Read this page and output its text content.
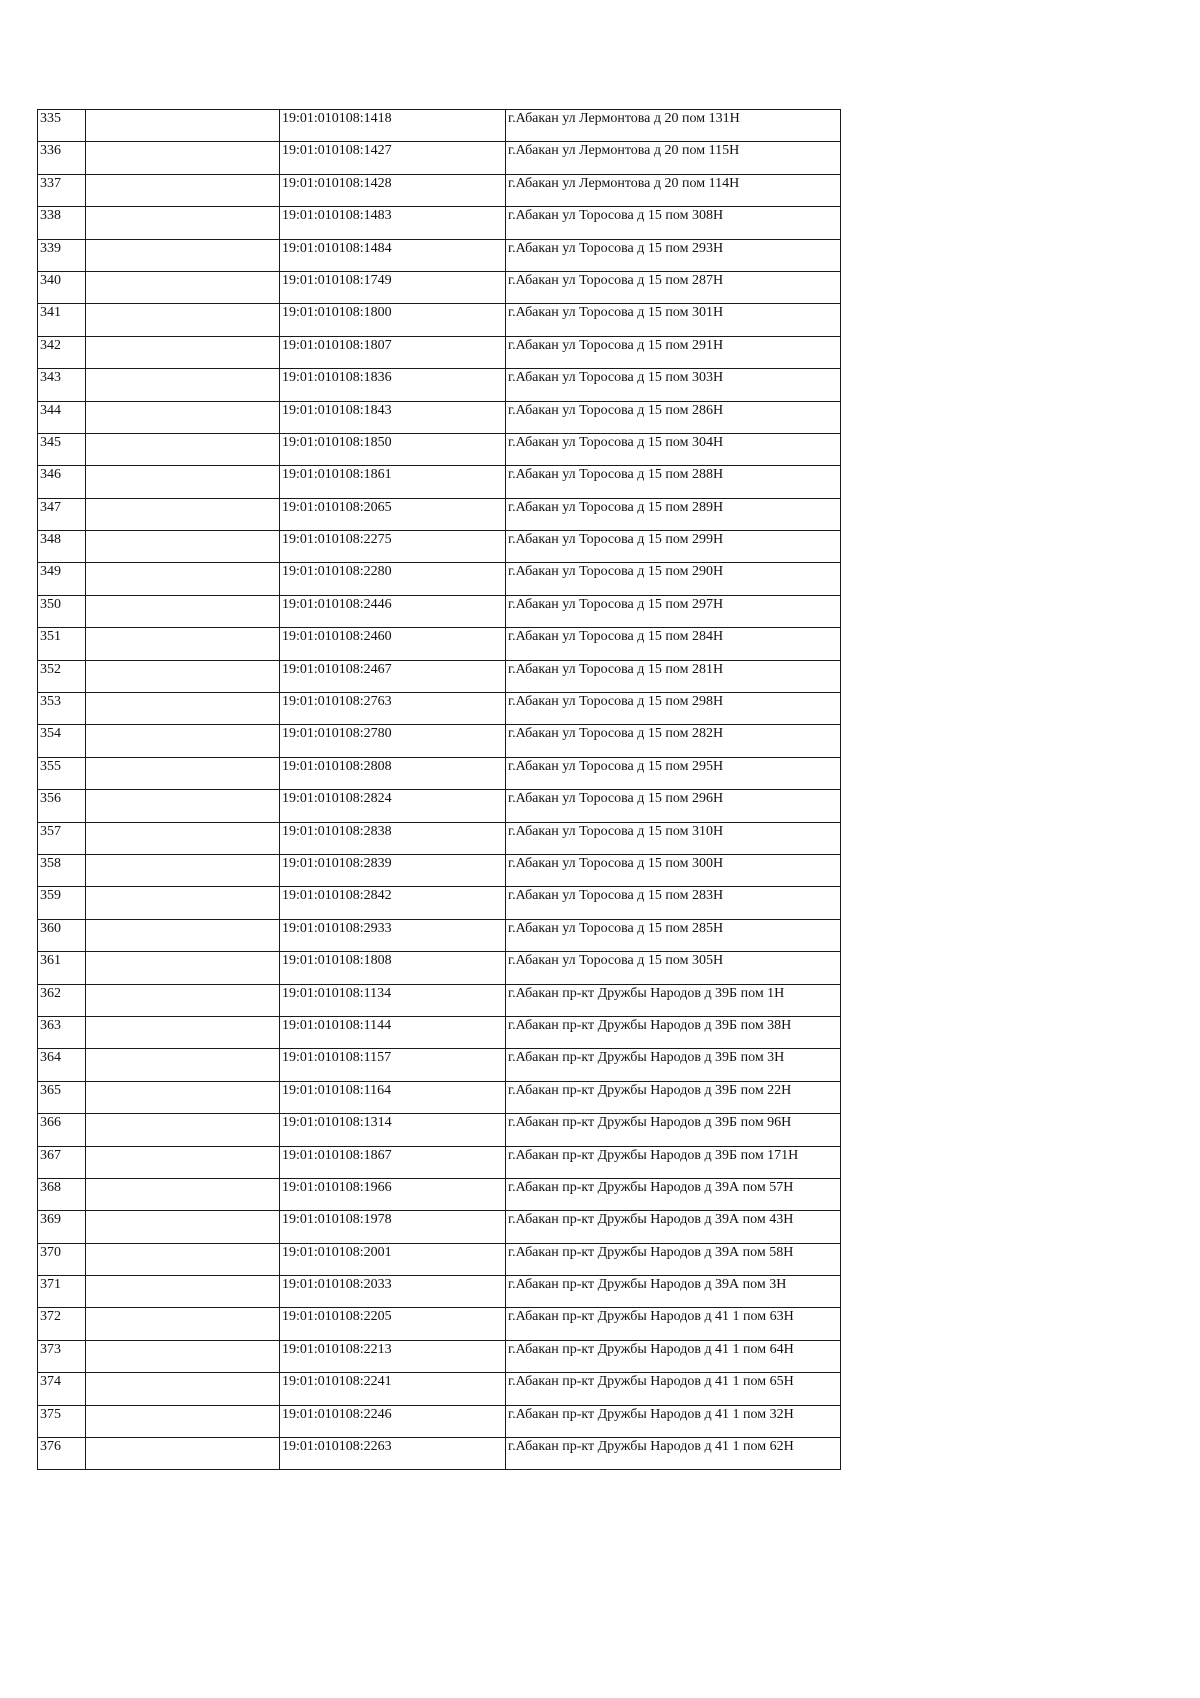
335		19:01:010108:1418	г.Абакан ул Лермонтова д 20 пом 131Н
336		19:01:010108:1427	г.Абакан ул Лермонтова д 20 пом 115Н
337		19:01:010108:1428	г.Абакан ул Лермонтова д 20 пом 114Н
338		19:01:010108:1483	г.Абакан ул Торосова д 15 пом 308Н
339		19:01:010108:1484	г.Абакан ул Торосова д 15 пом 293Н
340		19:01:010108:1749	г.Абакан ул Торосова д 15 пом 287Н
341		19:01:010108:1800	г.Абакан ул Торосова д 15 пом 301Н
342		19:01:010108:1807	г.Абакан ул Торосова д 15 пом 291Н
343		19:01:010108:1836	г.Абакан ул Торосова д 15 пом 303Н
344		19:01:010108:1843	г.Абакан ул Торосова д 15 пом 286Н
345		19:01:010108:1850	г.Абакан ул Торосова д 15 пом 304Н
346		19:01:010108:1861	г.Абакан ул Торосова д 15 пом 288Н
347		19:01:010108:2065	г.Абакан ул Торосова д 15 пом 289Н
348		19:01:010108:2275	г.Абакан ул Торосова д 15 пом 299Н
349		19:01:010108:2280	г.Абакан ул Торосова д 15 пом 290Н
350		19:01:010108:2446	г.Абакан ул Торосова д 15 пом 297Н
351		19:01:010108:2460	г.Абакан ул Торосова д 15 пом 284Н
352		19:01:010108:2467	г.Абакан ул Торосова д 15 пом 281Н
353		19:01:010108:2763	г.Абакан ул Торосова д 15 пом 298Н
354		19:01:010108:2780	г.Абакан ул Торосова д 15 пом 282Н
355		19:01:010108:2808	г.Абакан ул Торосова д 15 пом 295Н
356		19:01:010108:2824	г.Абакан ул Торосова д 15 пом 296Н
357		19:01:010108:2838	г.Абакан ул Торосова д 15 пом 310Н
358		19:01:010108:2839	г.Абакан ул Торосова д 15 пом 300Н
359		19:01:010108:2842	г.Абакан ул Торосова д 15 пом 283Н
360		19:01:010108:2933	г.Абакан ул Торосова д 15 пом 285Н
361		19:01:010108:1808	г.Абакан ул Торосова д 15 пом 305Н
362		19:01:010108:1134	г.Абакан пр-кт Дружбы Народов д 39Б пом 1Н
363		19:01:010108:1144	г.Абакан пр-кт Дружбы Народов д 39Б пом 38Н
364		19:01:010108:1157	г.Абакан пр-кт Дружбы Народов д 39Б пом 3Н
365		19:01:010108:1164	г.Абакан пр-кт Дружбы Народов д 39Б пом 22Н
366		19:01:010108:1314	г.Абакан пр-кт Дружбы Народов д 39Б пом 96Н
367		19:01:010108:1867	г.Абакан пр-кт Дружбы Народов д 39Б пом 171Н
368		19:01:010108:1966	г.Абакан пр-кт Дружбы Народов д 39А пом 57Н
369		19:01:010108:1978	г.Абакан пр-кт Дружбы Народов д 39А пом 43Н
370		19:01:010108:2001	г.Абакан пр-кт Дружбы Народов д 39А пом 58Н
371		19:01:010108:2033	г.Абакан пр-кт Дружбы Народов д 39А пом 3Н
372		19:01:010108:2205	г.Абакан пр-кт Дружбы Народов д 41 1 пом 63Н
373		19:01:010108:2213	г.Абакан пр-кт Дружбы Народов д 41 1 пом 64Н
374		19:01:010108:2241	г.Абакан пр-кт Дружбы Народов д 41 1 пом 65Н
375		19:01:010108:2246	г.Абакан пр-кт Дружбы Народов д 41 1 пом 32Н
376		19:01:010108:2263	г.Абакан пр-кт Дружбы Народов д 41 1 пом 62Н
